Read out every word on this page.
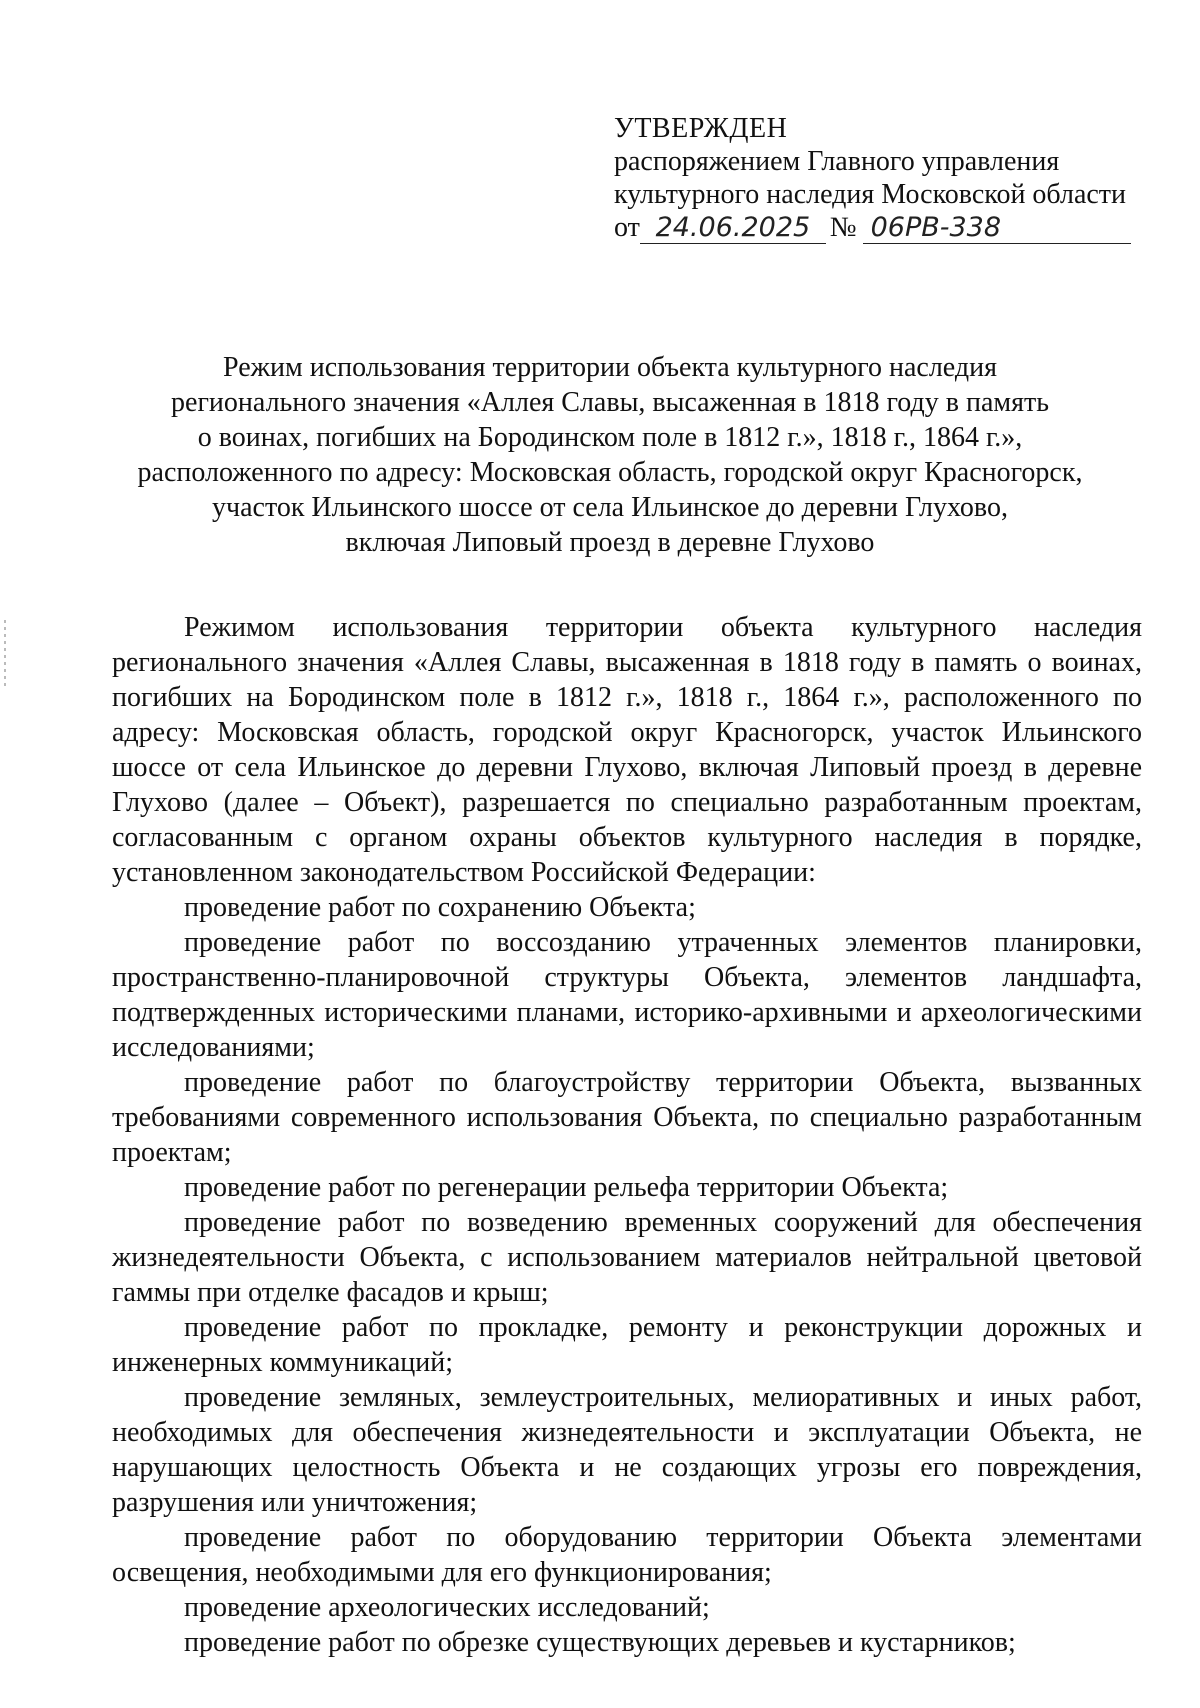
УТВЕРЖДЕН
распоряжением Главного управления
культурного наследия Московской области
от 24.06.2025 № 06РВ-338
Режим использования территории объекта культурного наследия
регионального значения «Аллея Славы, высаженная в 1818 году в память
о воинах, погибших на Бородинском поле в 1812 г.», 1818 г., 1864 г.»,
расположенного по адресу: Московская область, городской округ Красногорск,
участок Ильинского шоссе от села Ильинское до деревни Глухово,
включая Липовый проезд в деревне Глухово

Режимом использования территории объекта культурного наследия регионального значения «Аллея Славы, высаженная в 1818 году в память о воинах, погибших на Бородинском поле в 1812 г.», 1818 г., 1864 г.», расположенного по адресу: Московская область, городской округ Красногорск, участок Ильинского шоссе от села Ильинское до деревни Глухово, включая Липовый проезд в деревне Глухово (далее – Объект), разрешается по специально разработанным проектам, согласованным с органом охраны объектов культурного наследия в порядке, установленном законодательством Российской Федерации:

проведение работ по сохранению Объекта;

проведение работ по воссозданию утраченных элементов планировки, пространственно-планировочной структуры Объекта, элементов ландшафта, подтвержденных историческими планами, историко-архивными и археологическими исследованиями;

проведение работ по благоустройству территории Объекта, вызванных требованиями современного использования Объекта, по специально разработанным проектам;

проведение работ по регенерации рельефа территории Объекта;

проведение работ по возведению временных сооружений для обеспечения жизнедеятельности Объекта, с использованием материалов нейтральной цветовой гаммы при отделке фасадов и крыш;

проведение работ по прокладке, ремонту и реконструкции дорожных и инженерных коммуникаций;

проведение земляных, землеустроительных, мелиоративных и иных работ, необходимых для обеспечения жизнедеятельности и эксплуатации Объекта, не нарушающих целостность Объекта и не создающих угрозы его повреждения, разрушения или уничтожения;

проведение работ по оборудованию территории Объекта элементами освещения, необходимыми для его функционирования;

проведение археологических исследований;

проведение работ по обрезке существующих деревьев и кустарников;
